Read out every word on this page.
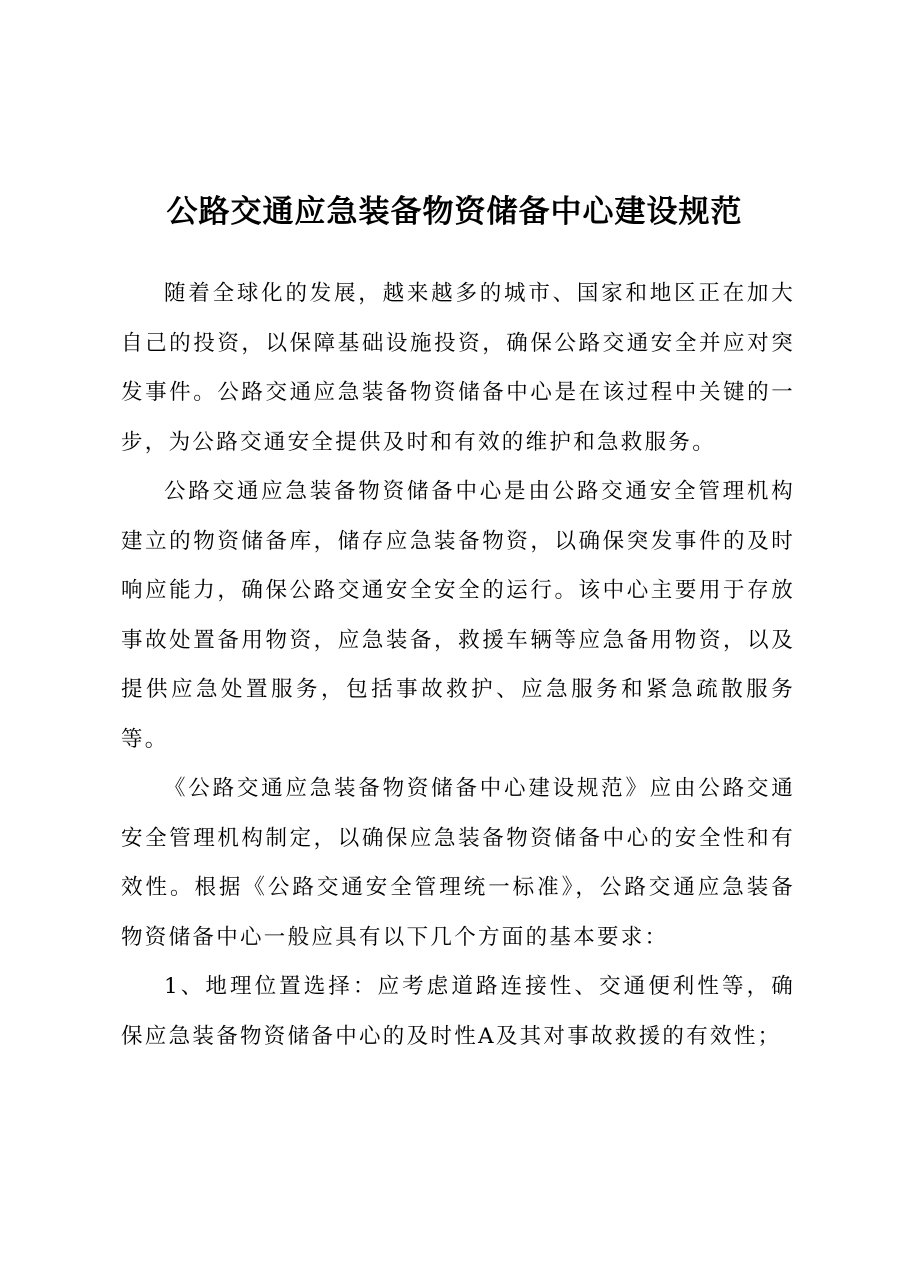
公路交通应急装备物资储备中心建设规范

随着全球化的发展，越来越多的城市、国家和地区正在加大自己的投资，以保障基础设施投资，确保公路交通安全并应对突发事件。公路交通应急装备物资储备中心是在该过程中关键的一步，为公路交通安全提供及时和有效的维护和急救服务。

公路交通应急装备物资储备中心是由公路交通安全管理机构建立的物资储备库，储存应急装备物资，以确保突发事件的及时响应能力，确保公路交通安全安全的运行。该中心主要用于存放事故处置备用物资，应急装备，救援车辆等应急备用物资，以及提供应急处置服务，包括事故救护、应急服务和紧急疏散服务等。

《公路交通应急装备物资储备中心建设规范》应由公路交通安全管理机构制定，以确保应急装备物资储备中心的安全性和有效性。根据《公路交通安全管理统一标准》，公路交通应急装备物资储备中心一般应具有以下几个方面的基本要求：

1、地理位置选择：应考虑道路连接性、交通便利性等，确保应急装备物资储备中心的及时性A及其对事故救援的有效性；
